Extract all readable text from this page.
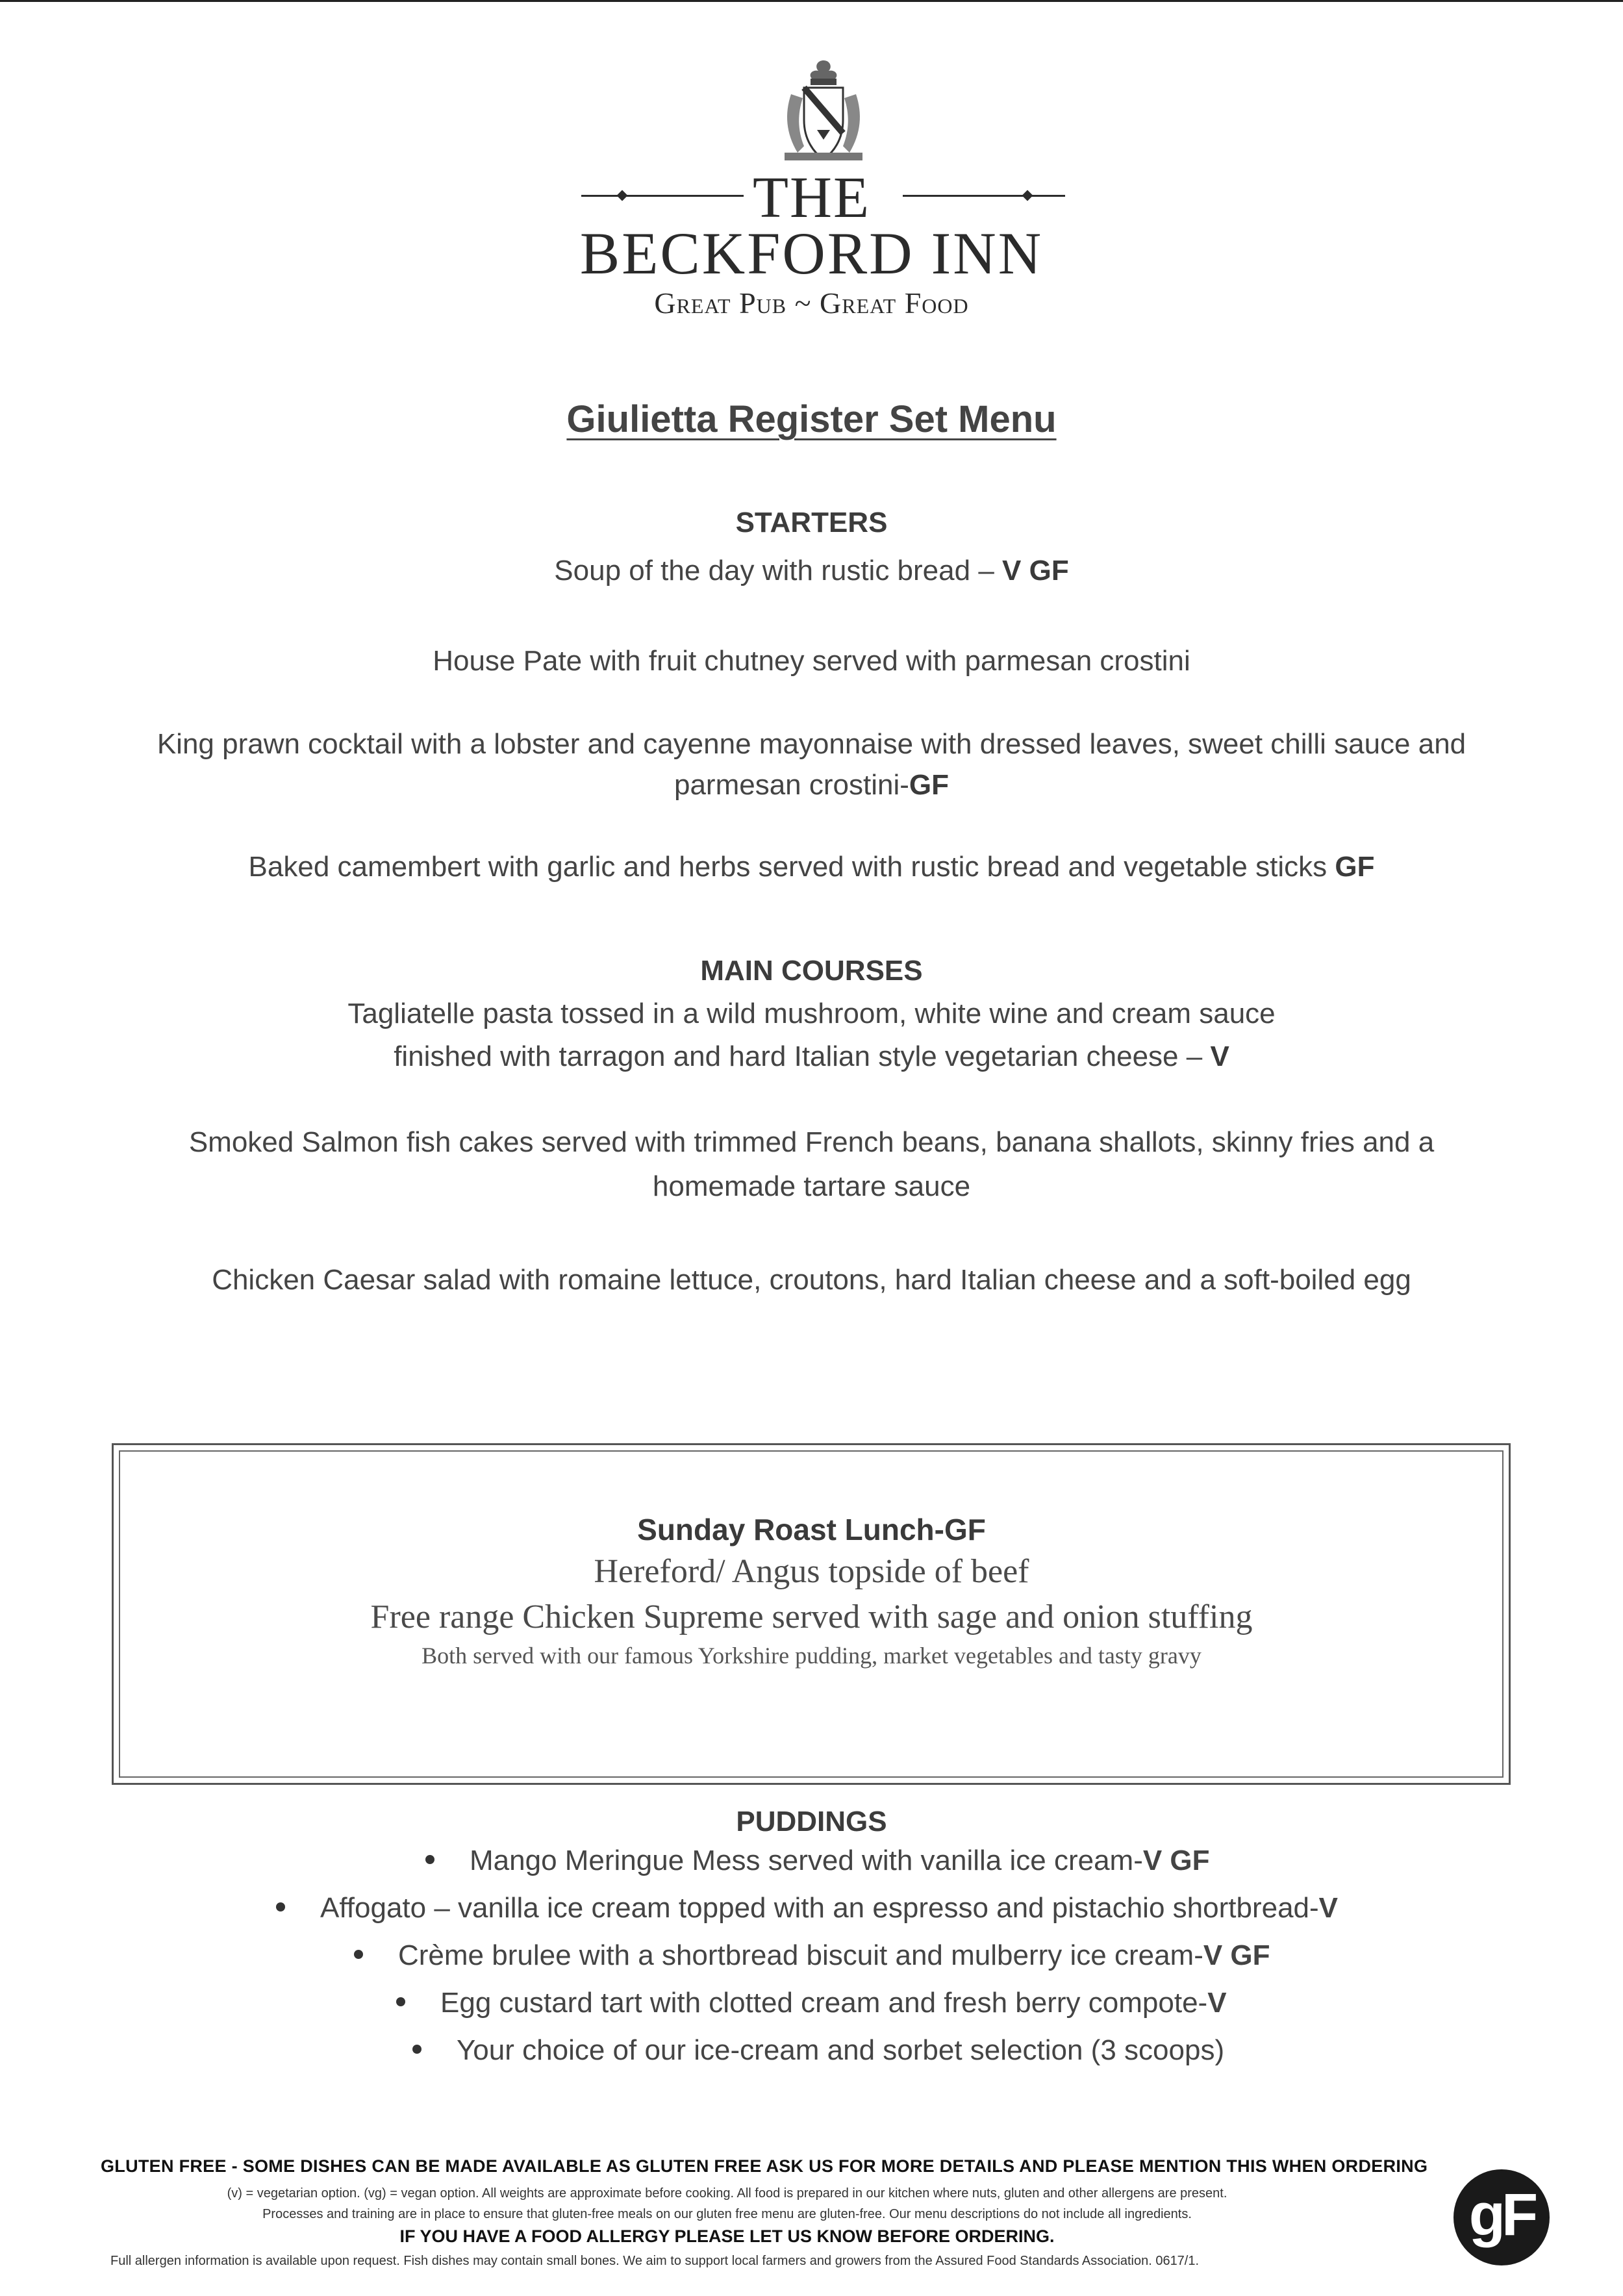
THE
BECKFORD INN
Great Pub ~ Great Food
Giulietta Register Set Menu
STARTERS
Soup of the day with rustic bread – V GF
House Pate with fruit chutney served with parmesan crostini
King prawn cocktail with a lobster and cayenne mayonnaise with dressed leaves, sweet chilli sauce and
parmesan crostini-GF
Baked camembert with garlic and herbs served with rustic bread and vegetable sticks GF
MAIN COURSES
Tagliatelle pasta tossed in a wild mushroom, white wine and cream sauce
finished with tarragon and hard Italian style vegetarian cheese – V
Smoked Salmon fish cakes served with trimmed French beans, banana shallots, skinny fries and a
homemade tartare sauce
Chicken Caesar salad with romaine lettuce, croutons, hard Italian cheese and a soft-boiled egg
Sunday Roast Lunch-GF
Hereford/ Angus topside of beef
Free range Chicken Supreme served with sage and onion stuffing
Both served with our famous Yorkshire pudding, market vegetables and tasty gravy
PUDDINGS
Mango Meringue Mess served with vanilla ice cream-V GF
Affogato – vanilla ice cream topped with an espresso and pistachio shortbread-V
Crème brulee with a shortbread biscuit and mulberry ice cream-V GF
Egg custard tart with clotted cream and fresh berry compote-V
Your choice of our ice-cream and sorbet selection (3 scoops)
GLUTEN FREE - SOME DISHES CAN BE MADE AVAILABLE AS GLUTEN FREE ASK US FOR MORE DETAILS AND PLEASE MENTION THIS WHEN ORDERING
(v) = vegetarian option. (vg) = vegan option. All weights are approximate before cooking. All food is prepared in our kitchen where nuts, gluten and other allergens are present.
Processes and training are in place to ensure that gluten-free meals on our gluten free menu are gluten-free. Our menu descriptions do not include all ingredients.
IF YOU HAVE A FOOD ALLERGY PLEASE LET US KNOW BEFORE ORDERING.
Full allergen information is available upon request. Fish dishes may contain small bones. We aim to support local farmers and growers from the Assured Food Standards Association. 0617/1.
gF
